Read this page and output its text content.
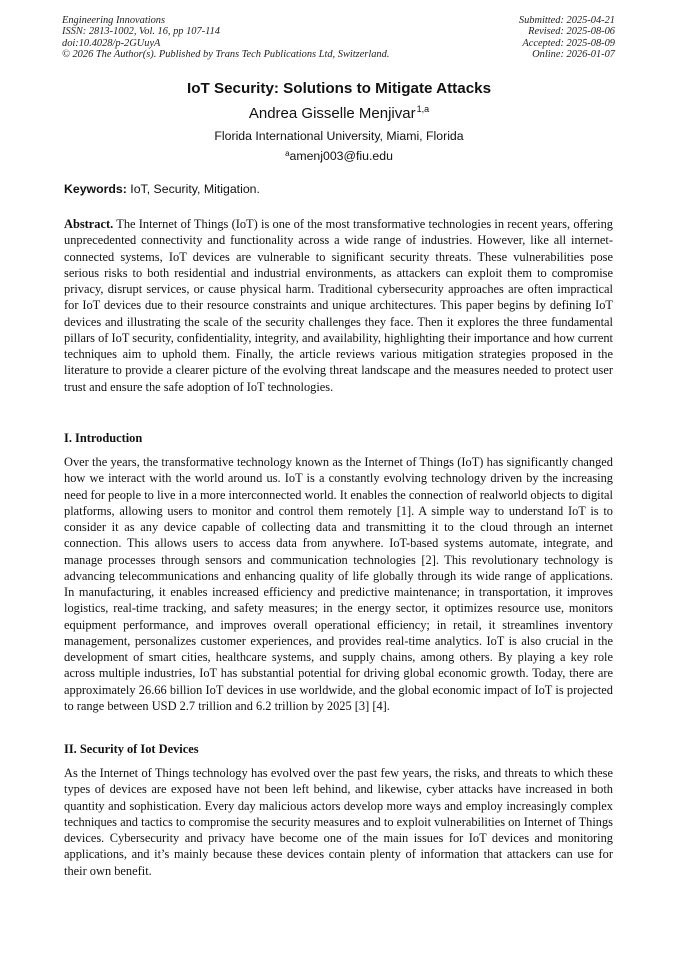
Engineering Innovations
ISSN: 2813-1002, Vol. 16, pp 107-114
doi:10.4028/p-2GUuyA
© 2026 The Author(s). Published by Trans Tech Publications Ltd, Switzerland.
Submitted: 2025-04-21
Revised: 2025-08-06
Accepted: 2025-08-09
Online: 2026-01-07
IoT Security: Solutions to Mitigate Attacks
Andrea Gisselle Menjivar$^{1,a}$
Florida International University, Miami, Florida
$^a$amenj003@fiu.edu
Keywords: IoT, Security, Mitigation.
Abstract. The Internet of Things (IoT) is one of the most transformative technologies in recent years, offering unprecedented connectivity and functionality across a wide range of industries. However, like all internet-connected systems, IoT devices are vulnerable to significant security threats. These vulnerabilities pose serious risks to both residential and industrial environments, as attackers can exploit them to compromise privacy, disrupt services, or cause physical harm. Traditional cybersecurity approaches are often impractical for IoT devices due to their resource constraints and unique architectures. This paper begins by defining IoT devices and illustrating the scale of the security challenges they face. Then it explores the three fundamental pillars of IoT security, confidentiality, integrity, and availability, highlighting their importance and how current techniques aim to uphold them. Finally, the article reviews various mitigation strategies proposed in the literature to provide a clearer picture of the evolving threat landscape and the measures needed to protect user trust and ensure the safe adoption of IoT technologies.
I. Introduction
Over the years, the transformative technology known as the Internet of Things (IoT) has significantly changed how we interact with the world around us. IoT is a constantly evolving technology driven by the increasing need for people to live in a more interconnected world. It enables the connection of realworld objects to digital platforms, allowing users to monitor and control them remotely [1]. A simple way to understand IoT is to consider it as any device capable of collecting data and transmitting it to the cloud through an internet connection. This allows users to access data from anywhere. IoT-based systems automate, integrate, and manage processes through sensors and communication technologies [2]. This revolutionary technology is advancing telecommunications and enhancing quality of life globally through its wide range of applications. In manufacturing, it enables increased efficiency and predictive maintenance; in transportation, it improves logistics, real-time tracking, and safety measures; in the energy sector, it optimizes resource use, monitors equipment performance, and improves overall operational efficiency; in retail, it streamlines inventory management, personalizes customer experiences, and provides real-time analytics. IoT is also crucial in the development of smart cities, healthcare systems, and supply chains, among others. By playing a key role across multiple industries, IoT has substantial potential for driving global economic growth. Today, there are approximately 26.66 billion IoT devices in use worldwide, and the global economic impact of IoT is projected to range between USD 2.7 trillion and 6.2 trillion by 2025 [3] [4].
II. Security of Iot Devices
As the Internet of Things technology has evolved over the past few years, the risks, and threats to which these types of devices are exposed have not been left behind, and likewise, cyber attacks have increased in both quantity and sophistication. Every day malicious actors develop more ways and employ increasingly complex techniques and tactics to compromise the security measures and to exploit vulnerabilities on Internet of Things devices. Cybersecurity and privacy have become one of the main issues for IoT devices and monitoring applications, and it’s mainly because these devices contain plenty of information that attackers can use for their own benefit.
